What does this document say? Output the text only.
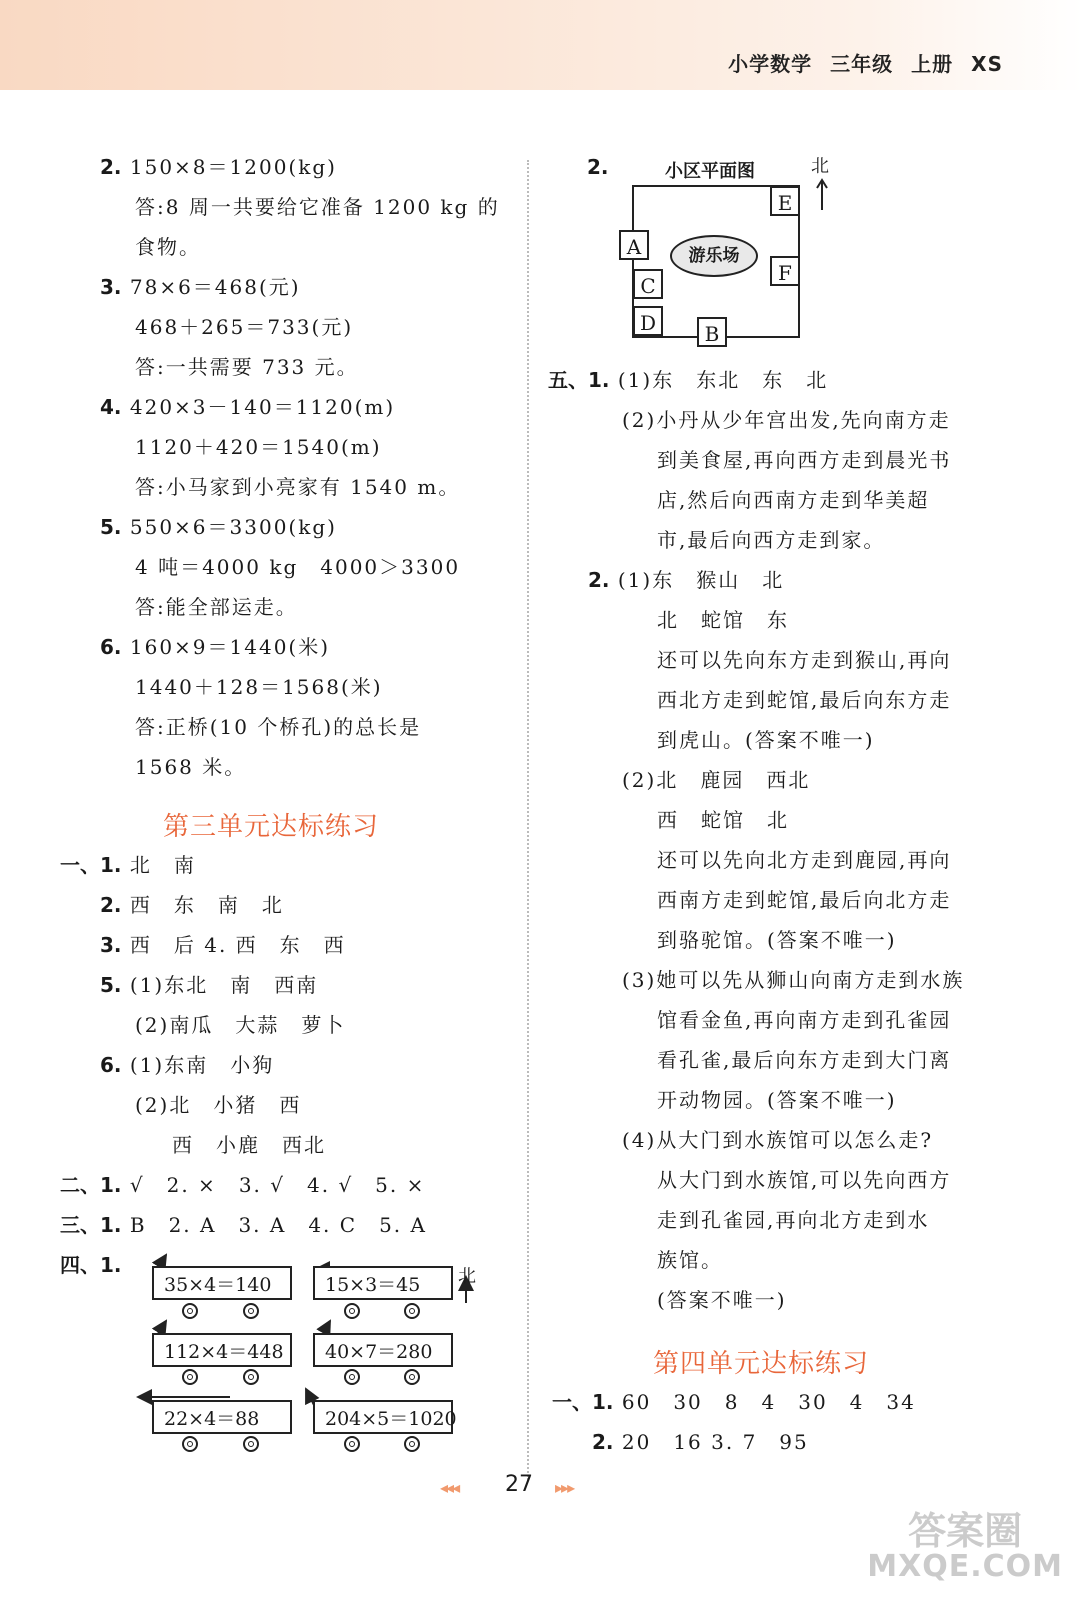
小学数学 三年级 上册 XS
2. 150×8＝1200(kg)
答:8 周一共要给它准备 1200 kg 的
食物。
3. 78×6＝468(元)
468＋265＝733(元)
答:一共需要 733 元。
4. 420×3－140＝1120(m)
1120＋420＝1540(m)
答:小马家到小亮家有 1540 m。
5. 550×6＝3300(kg)
4 吨＝4000 kg　4000＞3300
答:能全部运走。
6. 160×9＝1440(米)
1440＋128＝1568(米)
答:正桥(10 个桥孔)的总长是
1568 米。
第三单元达标练习
一、1. 北　南
2. 西　东　南　北
3. 西　后 4. 西　东　西
5. (1)东北　南　西南
(2)南瓜　大蒜　萝卜
6. (1)东南　小狗
(2)北　小猪　西
西　小鹿　西北
二、1. √　2. ×　3. √　4. √　5. ×
三、1. B　2. A　3. A　4. C　5. A
四、1.	北
35×4＝140	15×3＝45
112×4＝448	40×7＝280
22×4＝88	204×5＝1020
2.	小区平面图	北
游乐场
E
A
F
C
D	B
五、1. (1)东　东北　东　北
(2)小丹从少年宫出发,先向南方走
到美食屋,再向西方走到晨光书
店,然后向西南方走到华美超
市,最后向西方走到家。
2. (1)东　猴山　北
北　蛇馆　东
还可以先向东方走到猴山,再向
西北方走到蛇馆,最后向东方走
到虎山。(答案不唯一)
(2)北　鹿园　西北
西　蛇馆　北
还可以先向北方走到鹿园,再向
西南方走到蛇馆,最后向北方走
到骆驼馆。(答案不唯一)
(3)她可以先从狮山向南方走到水族
馆看金鱼,再向南方走到孔雀园
看孔雀,最后向东方走到大门离
开动物园。(答案不唯一)
(4)从大门到水族馆可以怎么走?
从大门到水族馆,可以先向西方
走到孔雀园,再向北方走到水
族馆。
(答案不唯一)
第四单元达标练习
一、1. 60　30　8　4　30　4　34
2. 20　16 3. 7　95
◂◂◂ 27 ▸▸▸
答案圈
MXQE.COM
